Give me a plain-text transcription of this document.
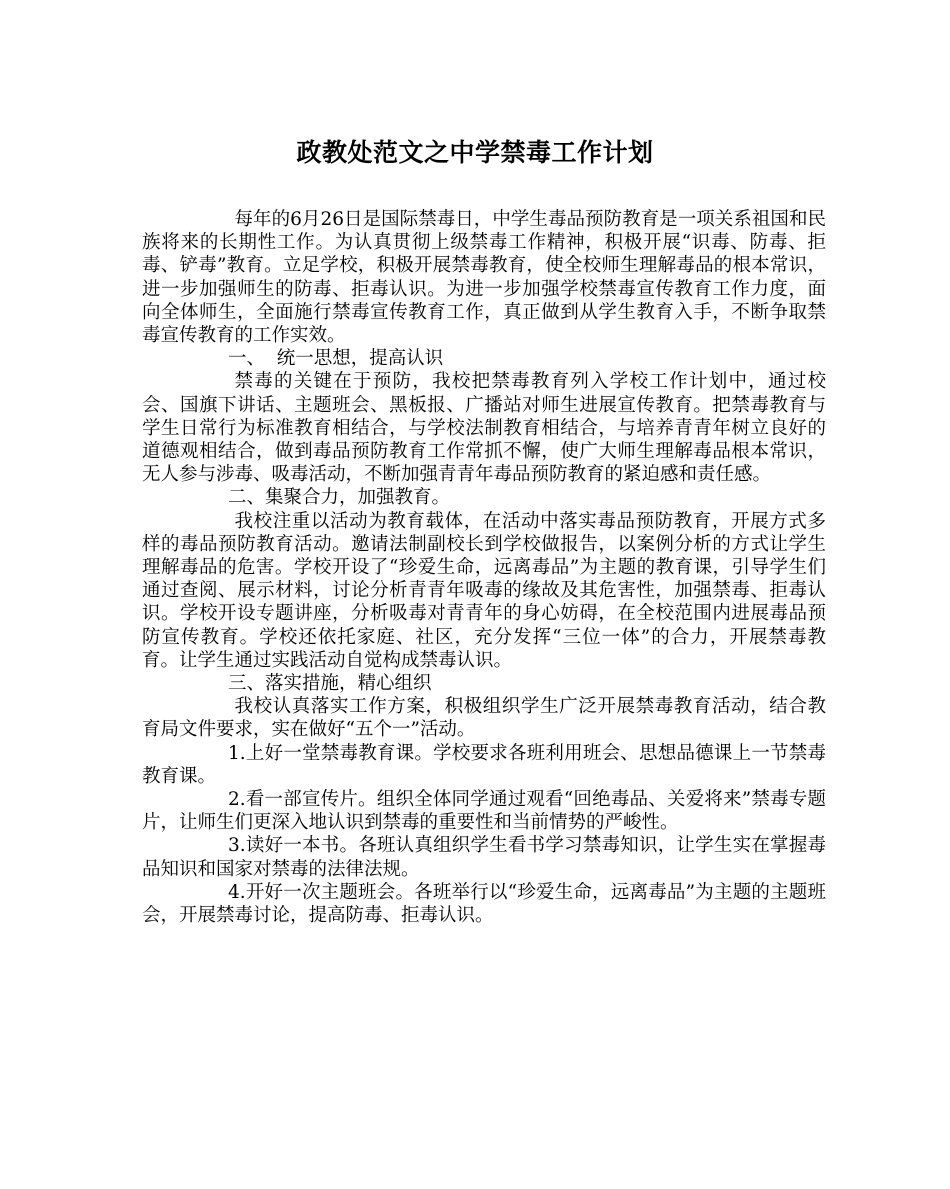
政教处范文之中学禁毒工作计划

每年的6月26日是国际禁毒日，中学生毒品预防教育是一项关系祖国和民族将来的长期性工作。为认真贯彻上级禁毒工作精神，积极开展“识毒、防毒、拒毒、铲毒”教育。立足学校，积极开展禁毒教育，使全校师生理解毒品的根本常识，进一步加强师生的防毒、拒毒认识。为进一步加强学校禁毒宣传教育工作力度，面向全体师生，全面施行禁毒宣传教育工作，真正做到从学生教育入手，不断争取禁毒宣传教育的工作实效。

一、  统一思想，提高认识

禁毒的关键在于预防，我校把禁毒教育列入学校工作计划中，通过校会、国旗下讲话、主题班会、黑板报、广播站对师生进展宣传教育。把禁毒教育与学生日常行为标准教育相结合，与学校法制教育相结合，与培养青青年树立良好的道德观相结合，做到毒品预防教育工作常抓不懈，使广大师生理解毒品根本常识，无人参与涉毒、吸毒活动，不断加强青青年毒品预防教育的紧迫感和责任感。

二、集聚合力，加强教育。

我校注重以活动为教育载体，在活动中落实毒品预防教育，开展方式多样的毒品预防教育活动。邀请法制副校长到学校做报告，以案例分析的方式让学生理解毒品的危害。学校开设了“珍爱生命，远离毒品”为主题的教育课，引导学生们通过查阅、展示材料，讨论分析青青年吸毒的缘故及其危害性，加强禁毒、拒毒认识。学校开设专题讲座，分析吸毒对青青年的身心妨碍，在全校范围内进展毒品预防宣传教育。学校还依托家庭、社区，充分发挥“三位一体”的合力，开展禁毒教育。让学生通过实践活动自觉构成禁毒认识。

三、落实措施，精心组织

我校认真落实工作方案，积极组织学生广泛开展禁毒教育活动，结合教育局文件要求，实在做好“五个一”活动。

1.上好一堂禁毒教育课。学校要求各班利用班会、思想品德课上一节禁毒教育课。

2.看一部宣传片。组织全体同学通过观看“回绝毒品、关爱将来”禁毒专题片，让师生们更深入地认识到禁毒的重要性和当前情势的严峻性。

3.读好一本书。各班认真组织学生看书学习禁毒知识，让学生实在掌握毒品知识和国家对禁毒的法律法规。

4.开好一次主题班会。各班举行以“珍爱生命，远离毒品”为主题的主题班会，开展禁毒讨论，提高防毒、拒毒认识。
